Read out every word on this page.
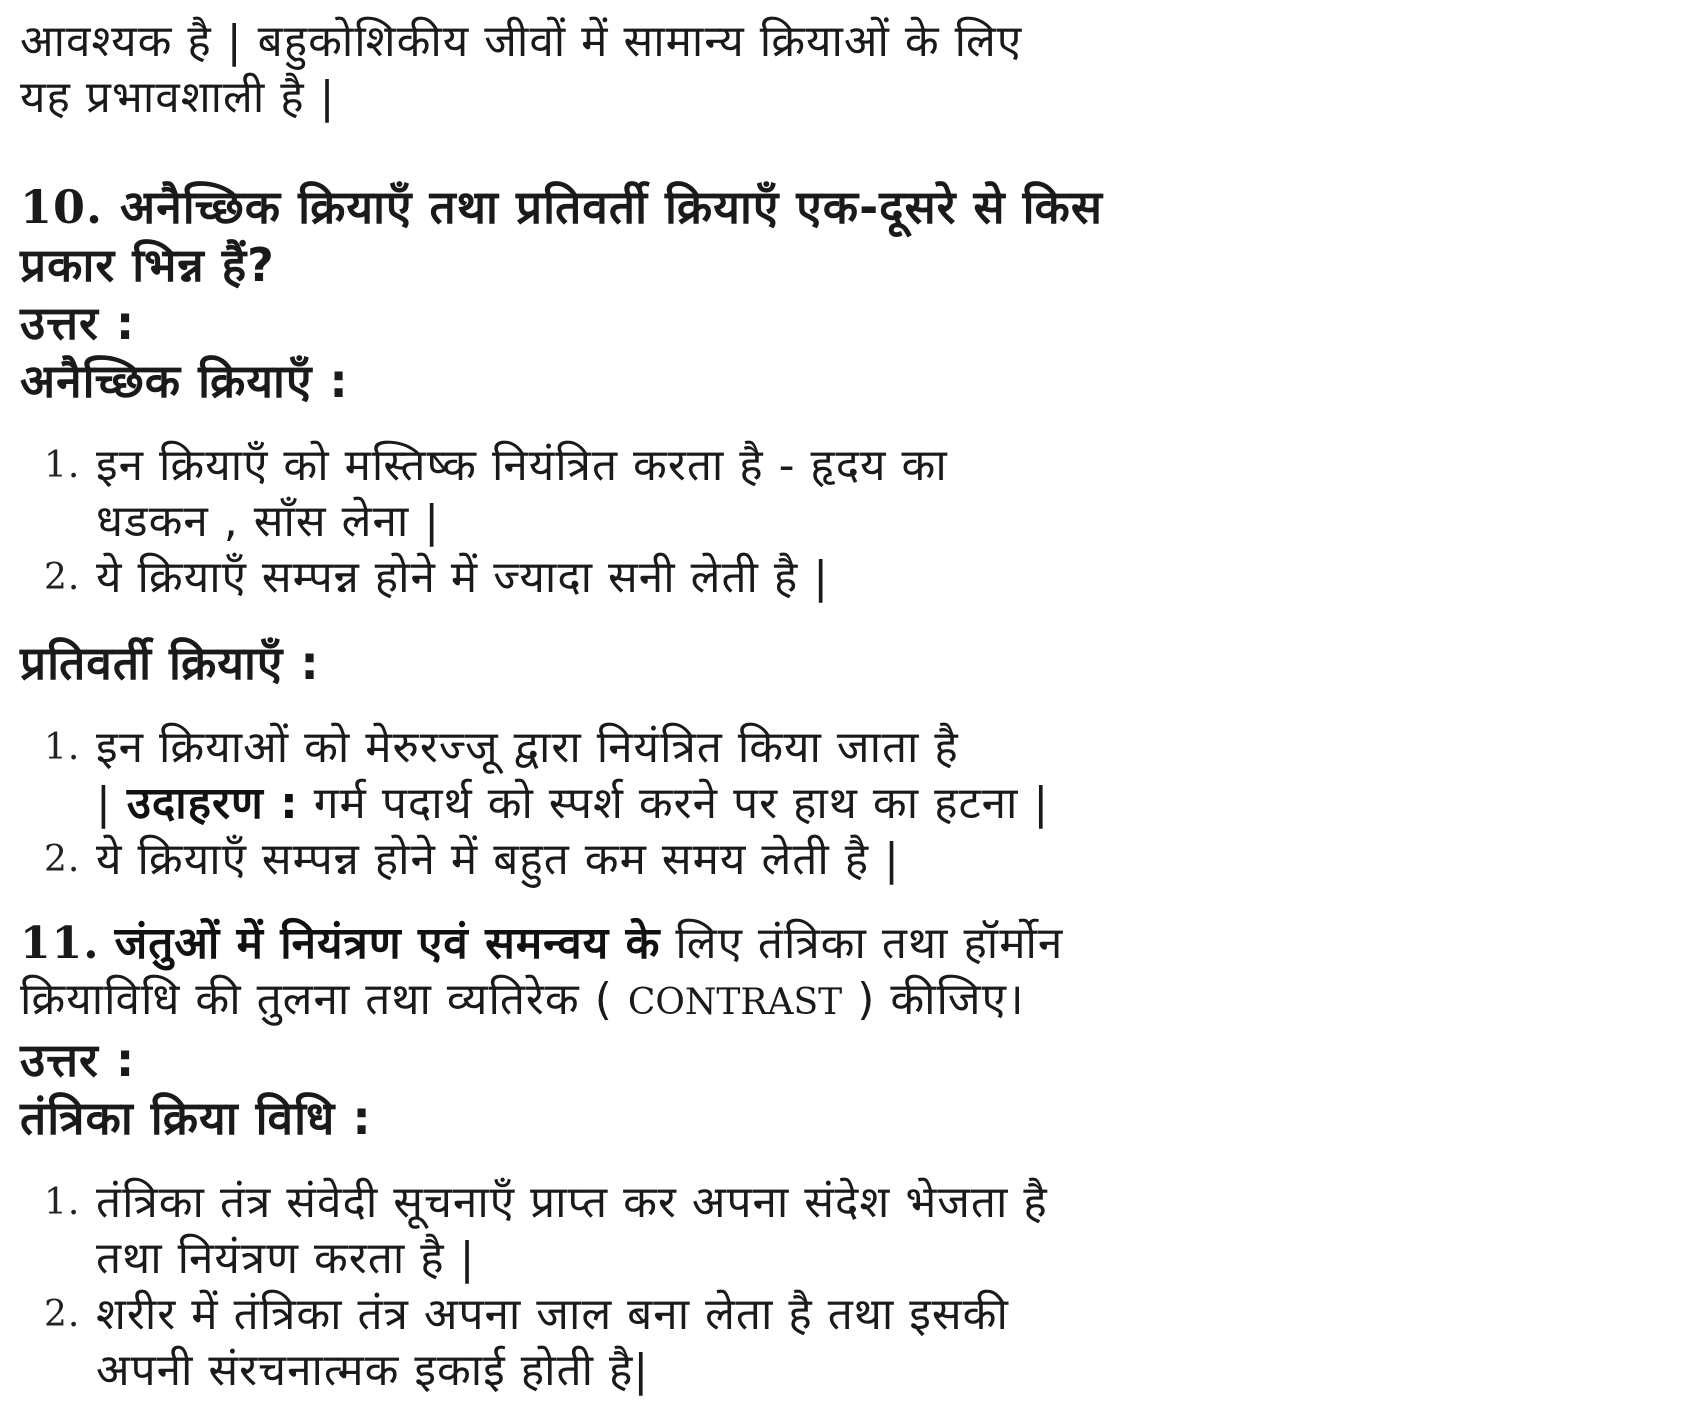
आवश्यक है | बहुकोशिकीय जीवों में सामान्य क्रियाओं के लिए
यह प्रभावशाली है |
10. अनैच्छिक क्रियाएँ तथा प्रतिवर्ती क्रियाएँ एक-दूसरे से किस
प्रकार भिन्न हैं?
उत्तर :
अनैच्छिक क्रियाएँ :
1. इन क्रियाएँ को मस्तिष्क नियंत्रित करता है - हृदय का
धडकन , साँस लेना |
2. ये क्रियाएँ सम्पन्न होने में ज्यादा सनी लेती है |
प्रतिवर्ती क्रियाएँ :
1. इन क्रियाओं को मेरुरज्जू द्वारा नियंत्रित किया जाता है
| उदाहरण : गर्म पदार्थ को स्पर्श करने पर हाथ का हटना |
2. ये क्रियाएँ सम्पन्न होने में बहुत कम समय लेती है |
11. जंतुओं में नियंत्रण एवं समन्वय के लिए तंत्रिका तथा हॉर्मोन
क्रियाविधि की तुलना तथा व्यतिरेक ( CONTRAST ) कीजिए।
उत्तर :
तंत्रिका क्रिया विधि :
1. तंत्रिका तंत्र संवेदी सूचनाएँ प्राप्त कर अपना संदेश भेजता है
तथा नियंत्रण करता है |
2. शरीर में तंत्रिका तंत्र अपना जाल बना लेता है तथा इसकी
अपनी संरचनात्मक इकाई होती है|
